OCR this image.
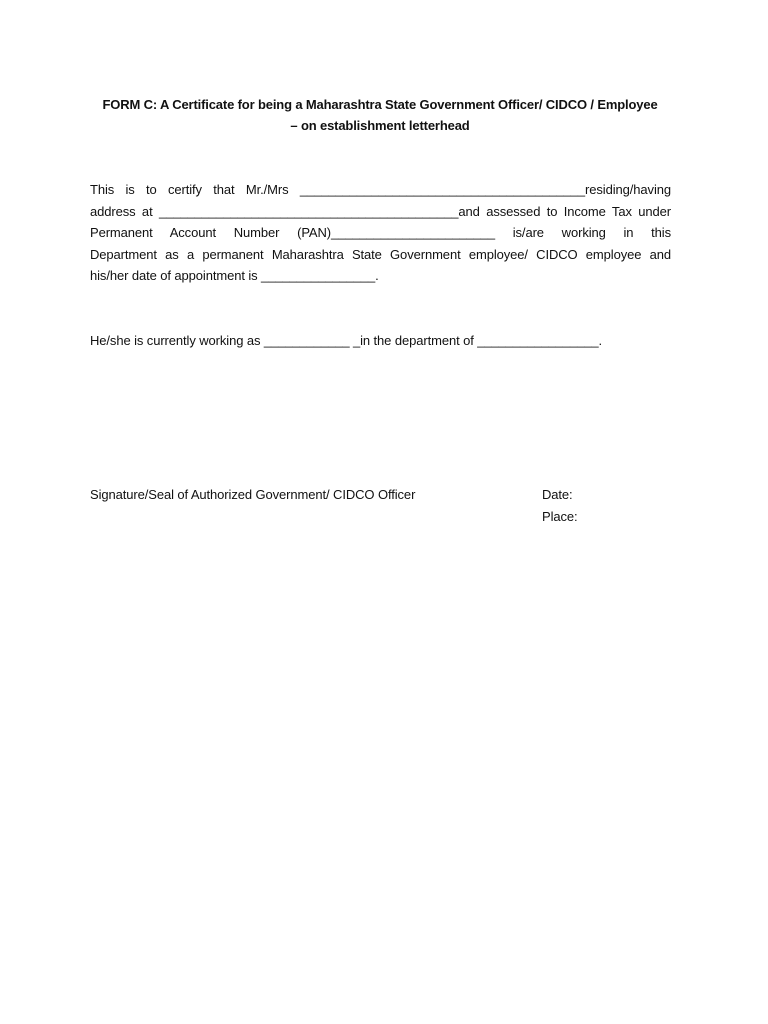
FORM C: A Certificate for being a Maharashtra State Government Officer/ CIDCO / Employee
– on establishment letterhead
This is to certify that Mr./Mrs ________________________________________residing/having
address at __________________________________________and assessed to Income Tax under
Permanent Account Number (PAN)_______________________ is/are working in this
Department as a permanent Maharashtra State Government employee/ CIDCO employee and
his/her date of appointment is ________________.
He/she is currently working as ____________ _in the department of _________________.
Signature/Seal of Authorized Government/ CIDCO Officer	Date:
Place:
